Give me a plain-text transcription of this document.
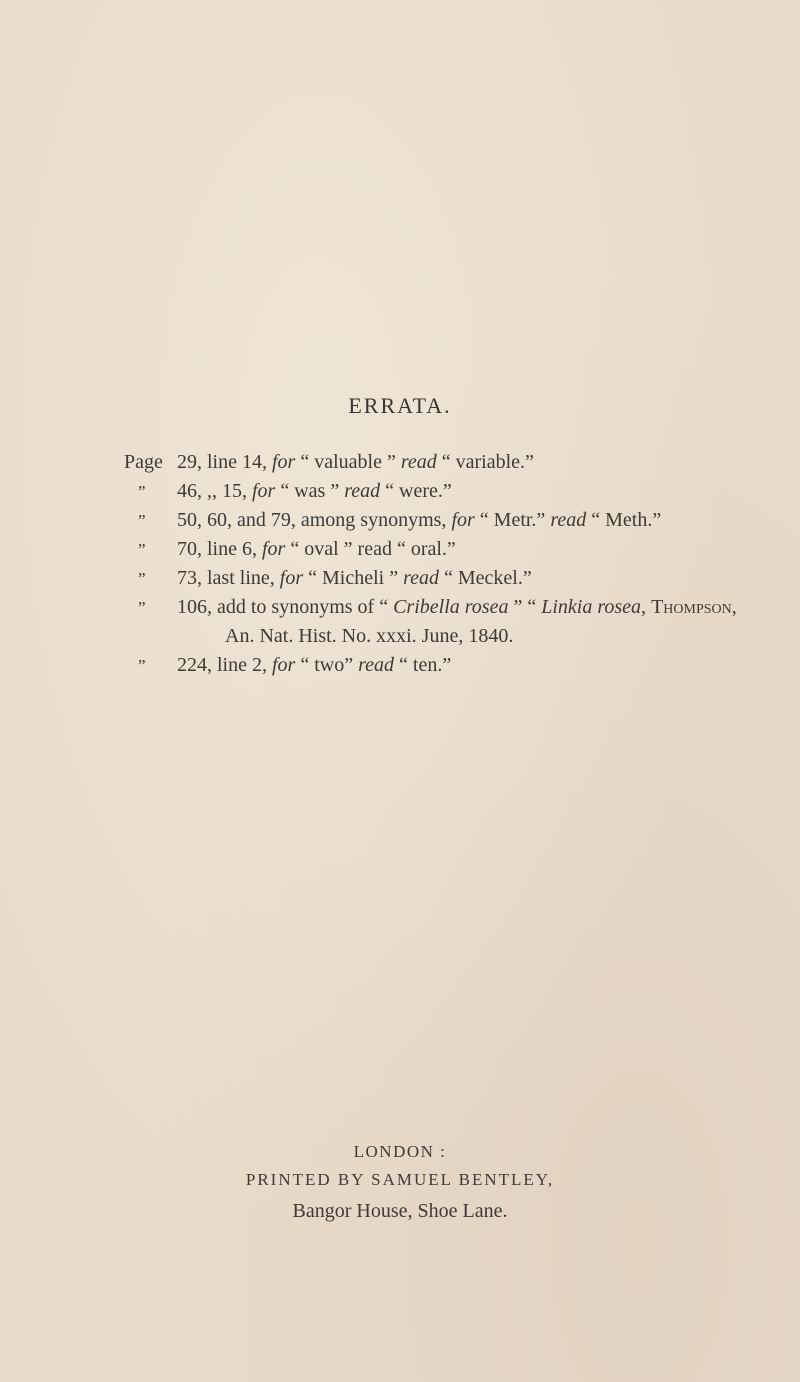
ERRATA.
Page 29, line 14, for “ valuable ” read “ variable.”
”	46, ,, 15, for “ was ” read “ were.”
”	50, 60, and 79, among synonyms, for “ Metr.” read “ Meth.”
”	70, line 6, for “ oval ” read “ oral.”
”	73, last line, for “ Micheli ” read “ Meckel.”
”	106, add to synonyms of “ Cribella rosea ” “ Linkia rosea, Thompson,
An. Nat. Hist. No. xxxi. June, 1840.
”	224, line 2, for “ two” read “ ten.”
LONDON :
PRINTED BY SAMUEL BENTLEY,
Bangor House, Shoe Lane.
